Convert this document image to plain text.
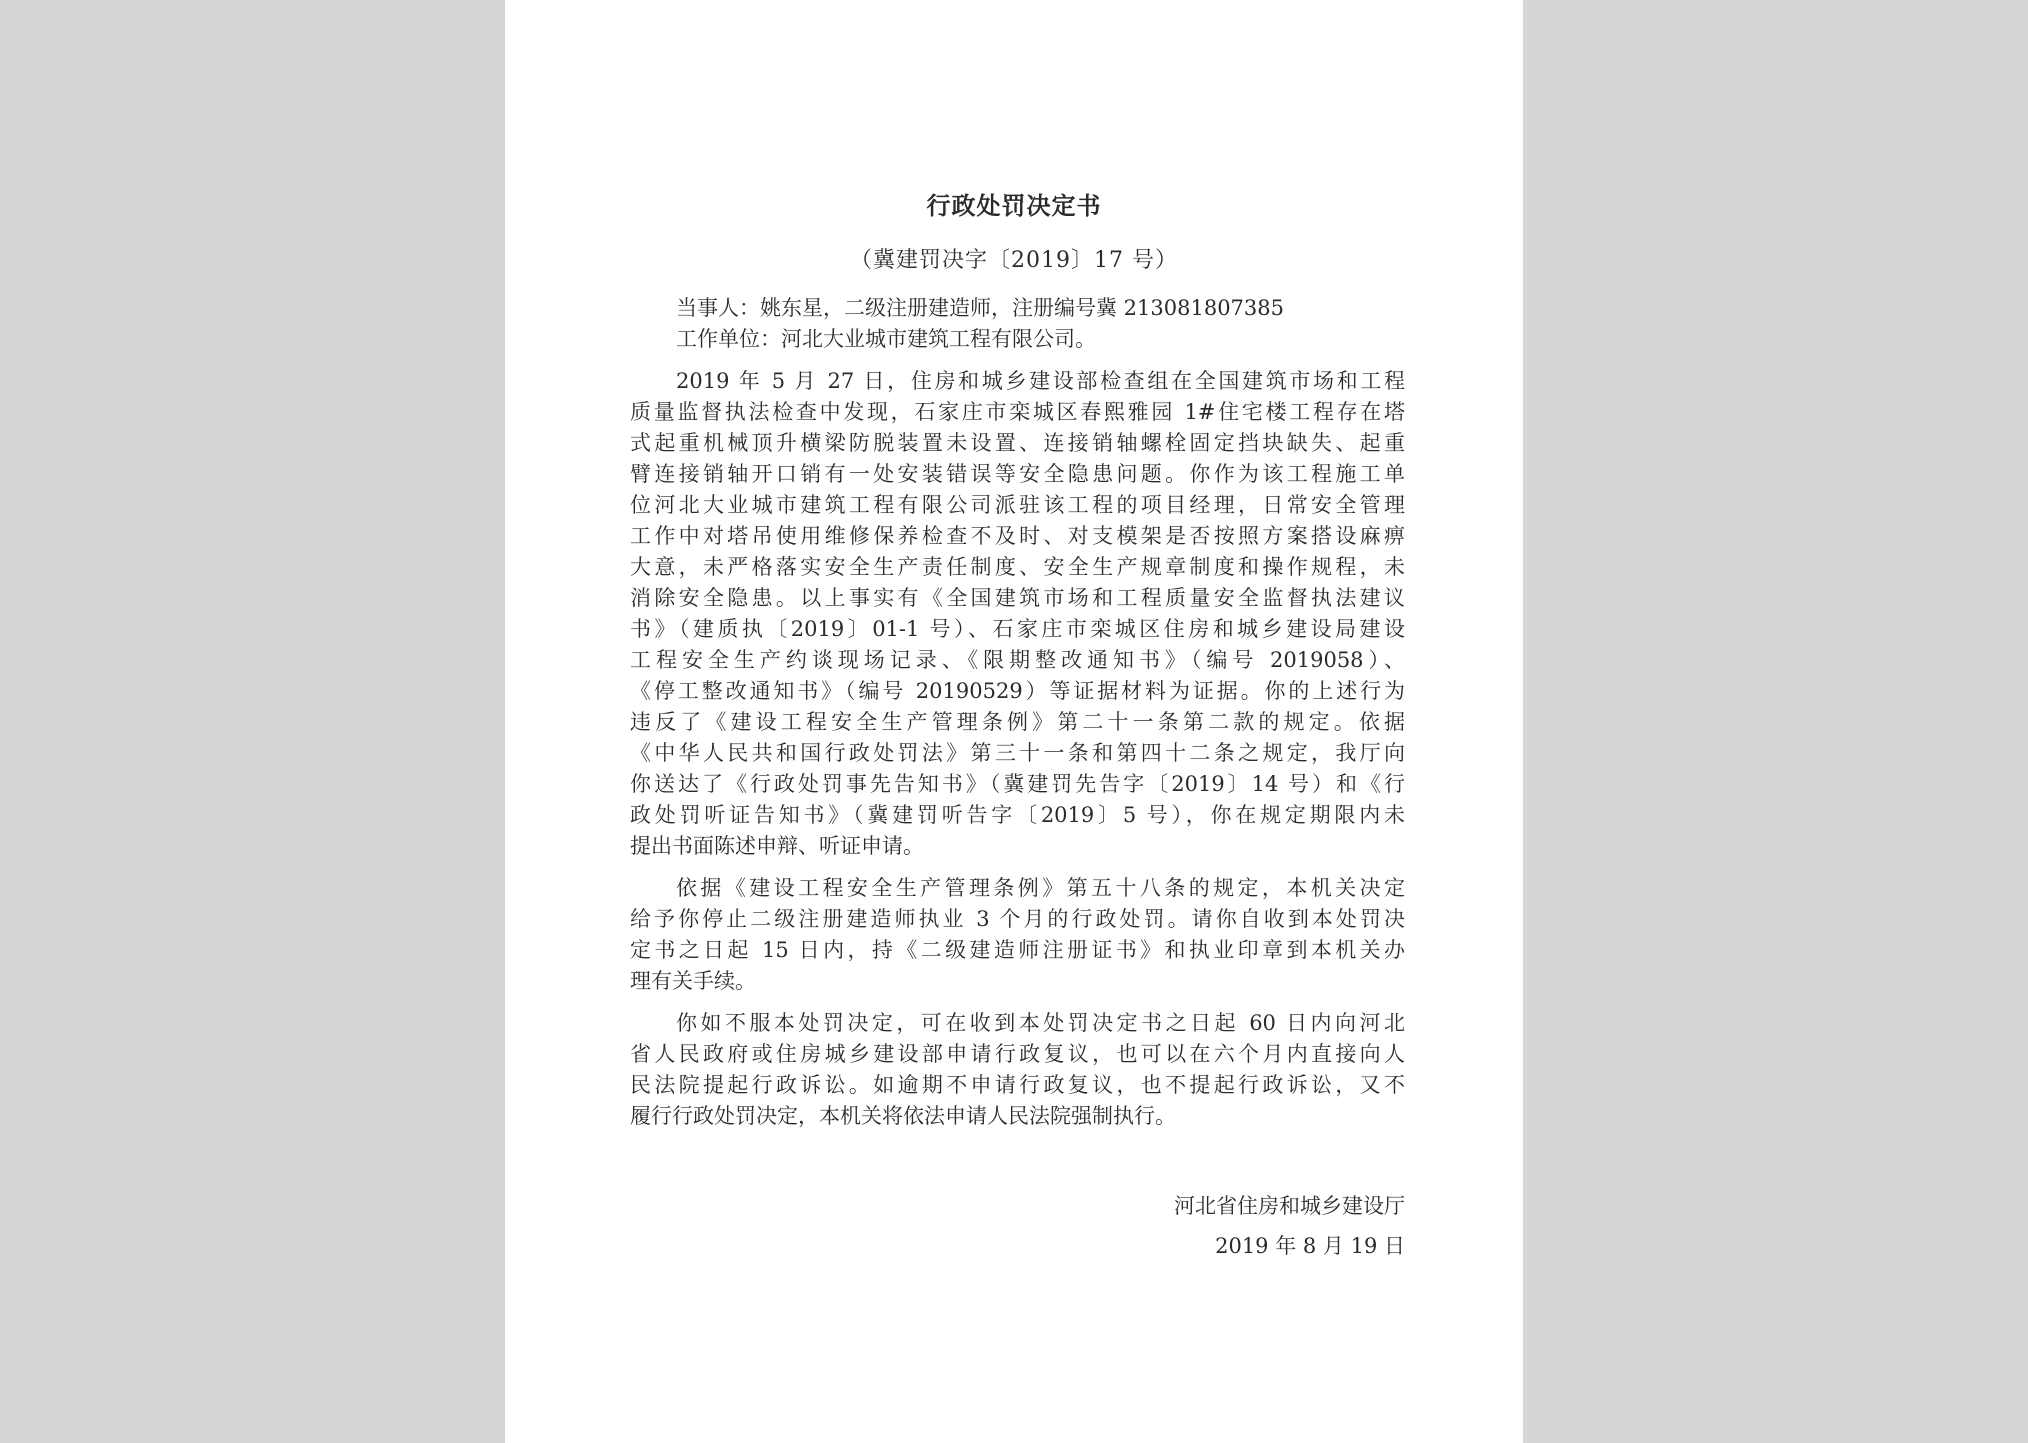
行政处罚决定书
（冀建罚决字〔2019〕17 号）
当事人：姚东星，二级注册建造师，注册编号冀 213081807385
工作单位：河北大业城市建筑工程有限公司。
2019 年 5 月 27 日，住房和城乡建设部检查组在全国建筑市场和工程
质量监督执法检查中发现，石家庄市栾城区春熙雅园 1#住宅楼工程存在塔
式起重机械顶升横梁防脱装置未设置、连接销轴螺栓固定挡块缺失、起重
臂连接销轴开口销有一处安装错误等安全隐患问题。你作为该工程施工单
位河北大业城市建筑工程有限公司派驻该工程的项目经理，日常安全管理
工作中对塔吊使用维修保养检查不及时、对支模架是否按照方案搭设麻痹
大意，未严格落实安全生产责任制度、安全生产规章制度和操作规程，未
消除安全隐患。以上事实有《全国建筑市场和工程质量安全监督执法建议
书》（建质执〔2019〕01-1 号）、石家庄市栾城区住房和城乡建设局建设
工程安全生产约谈现场记录、《限期整改通知书》（编号 2019058）、
《停工整改通知书》（编号 20190529）等证据材料为证据。你的上述行为
违反了《建设工程安全生产管理条例》第二十一条第二款的规定。依据
《中华人民共和国行政处罚法》第三十一条和第四十二条之规定，我厅向
你送达了《行政处罚事先告知书》（冀建罚先告字〔2019〕14 号）和《行
政处罚听证告知书》（冀建罚听告字〔2019〕5 号），你在规定期限内未
提出书面陈述申辩、听证申请。
依据《建设工程安全生产管理条例》第五十八条的规定，本机关决定
给予你停止二级注册建造师执业 3 个月的行政处罚。请你自收到本处罚决
定书之日起 15 日内，持《二级建造师注册证书》和执业印章到本机关办
理有关手续。
你如不服本处罚决定，可在收到本处罚决定书之日起 60 日内向河北
省人民政府或住房城乡建设部申请行政复议，也可以在六个月内直接向人
民法院提起行政诉讼。如逾期不申请行政复议，也不提起行政诉讼，又不
履行行政处罚决定，本机关将依法申请人民法院强制执行。
河北省住房和城乡建设厅
2019 年 8 月 19 日
